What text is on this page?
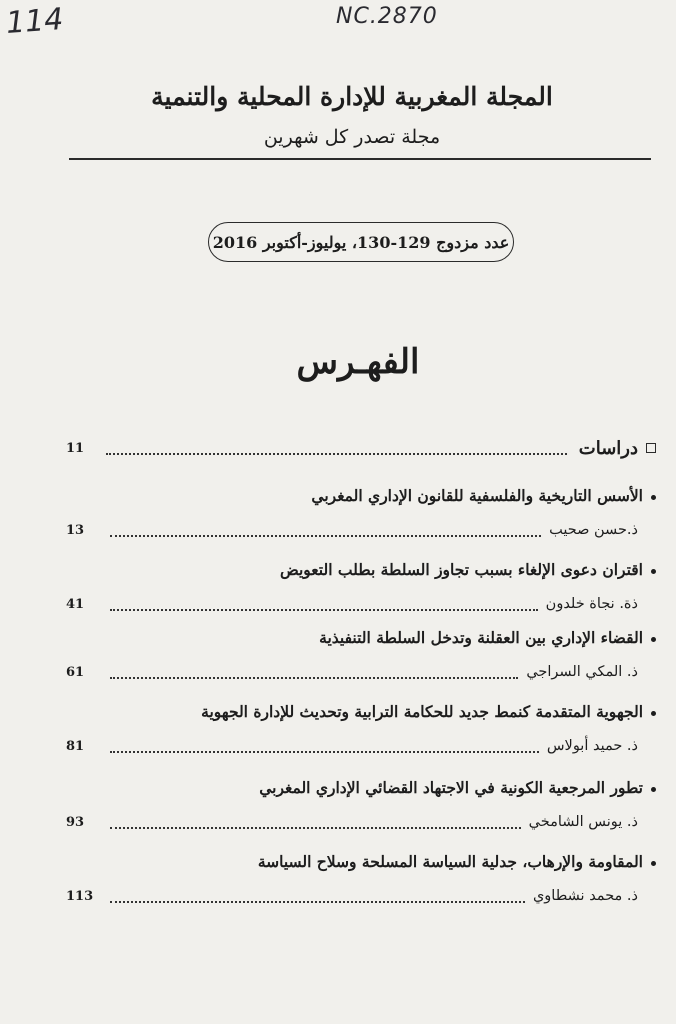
114	NC.2870
المجلة المغربية للإدارة المحلية والتنمية
مجلة تصدر كل شهرين
عدد مزدوج 129-130، يوليوز-أكتوبر 2016
الفهـرس
دراسات
11
الأسس التاريخية والفلسفية للقانون الإداري المغربي
ذ.حسن صحيب
13
اقتران دعوى الإلغاء بسبب تجاوز السلطة بطلب التعويض
ذة. نجاة خلدون
41
القضاء الإداري بين العقلنة وتدخل السلطة التنفيذية
ذ. المكي السراجي
61
الجهوية المتقدمة كنمط جديد للحكامة الترابية وتحديث للإدارة الجهوية
ذ. حميد أبولاس
81
تطور المرجعية الكونية في الاجتهاد القضائي الإداري المغربي
ذ. يونس الشامخي
93
المقاومة والإرهاب، جدلية السياسة المسلحة وسلاح السياسة
ذ. محمد نشطاوي
113
